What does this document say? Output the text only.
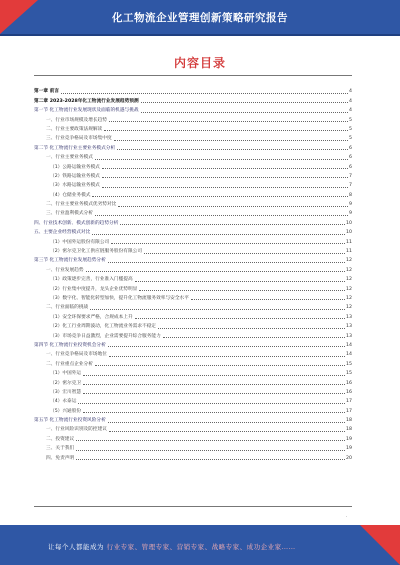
化工物流企业管理创新策略研究报告
内容目录
第一章 前言	4
第二章 2023-2028年化工物流行业发展趋势预测	4
第一节 化工物流行业发展现状及面临的机遇与挑战	4
一、行业市场规模及增长趋势	5
二、行业主要政策法规解读	5
三、行业竞争格局及市场集中度	5
第二节 化工物流行业主要业务模式分析	6
一、行业主要业务模式	6
（1）公路运输业务模式	6
（2）铁路运输业务模式	7
（3）水路运输业务模式	7
（4）仓储业务模式	8
二、行业主要业务模式优劣势对比	9
三、行业盈利模式分析	9
四、行业技术创新、模式创新的趋势分析	10
五、主要企业经营模式对比	10
（1）中国外运股份有限公司	11
（2）密尔克卫化工供应链服务股份有限公司	11
第三节 化工物流行业发展趋势分析	12
一、行业发展趋势	12
（1）政策逐步完善，行业准入门槛提高	12
（2）行业集中度提升，龙头企业优势明显	12
（3）数字化、智能化转型加快，提升化工物流服务效率与安全水平	12
二、行业面临的挑战	12
（1）安全环保要求严格，合规成本上升	13
（2）化工行业周期波动，化工物流业务需求不稳定	13
（3）市场竞争日益激烈，企业需要提升综合服务能力	13
第四节 化工物流行业投资机会分析	14
一、行业竞争格局及市场地位	14
二、行业重点企业分析	15
（1）中国外运	15
（2）密尔克卫	16
（3）宏川智慧	16
（4）永泰运	17
（5）兴通股份	17
第五节 化工物流行业投资风险分析	18
一、行业风险识别及防控建议	18
二、投资建议	19
三、关于我们	19
四、免责声明	20
·
让每个人都能成为 行业专家、管理专家、营销专家、战略专家、成功企业家……
